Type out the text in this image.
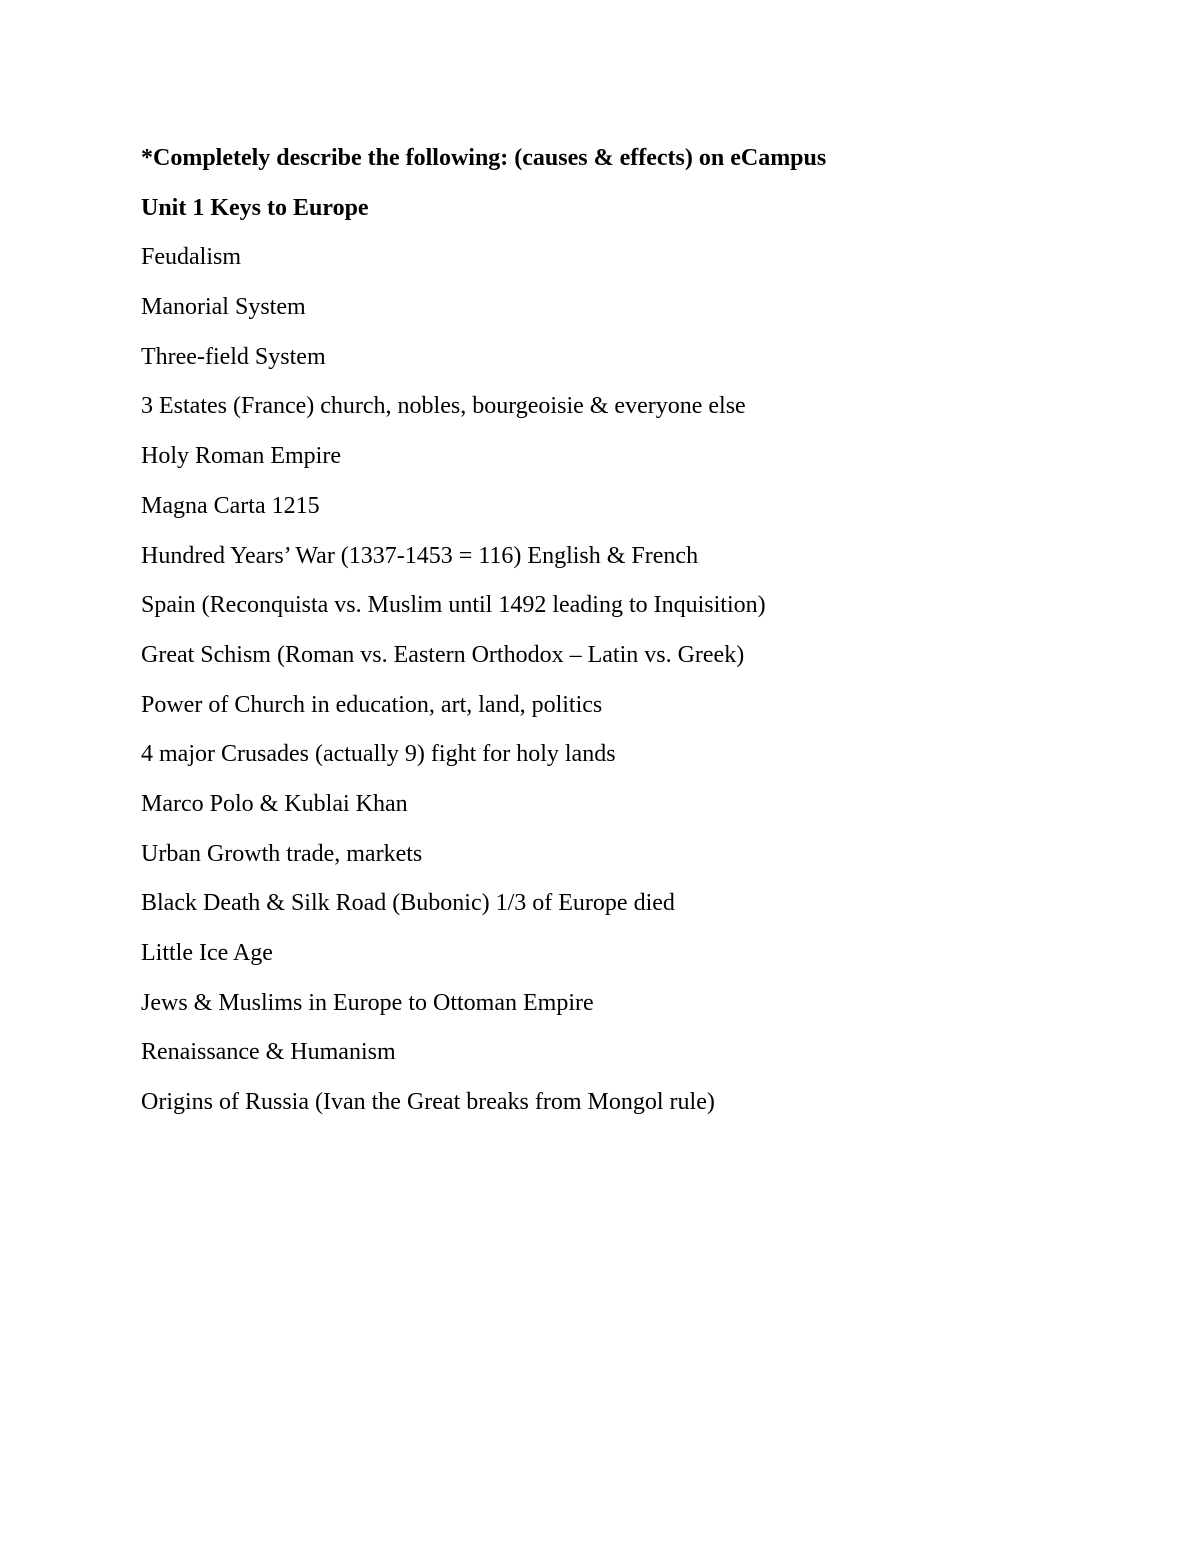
*Completely describe the following: (causes & effects) on eCampus

Unit 1 Keys to Europe

Feudalism

Manorial System

Three-field System

3 Estates (France) church, nobles, bourgeoisie & everyone else

Holy Roman Empire

Magna Carta 1215

Hundred Years’ War (1337-1453 = 116) English & French

Spain (Reconquista vs. Muslim until 1492 leading to Inquisition)

Great Schism (Roman vs. Eastern Orthodox – Latin vs. Greek)

Power of Church in education, art, land, politics

4 major Crusades (actually 9) fight for holy lands

Marco Polo & Kublai Khan

Urban Growth trade, markets

Black Death & Silk Road (Bubonic) 1/3 of Europe died

Little Ice Age

Jews & Muslims in Europe to Ottoman Empire

Renaissance & Humanism

Origins of Russia (Ivan the Great breaks from Mongol rule)
